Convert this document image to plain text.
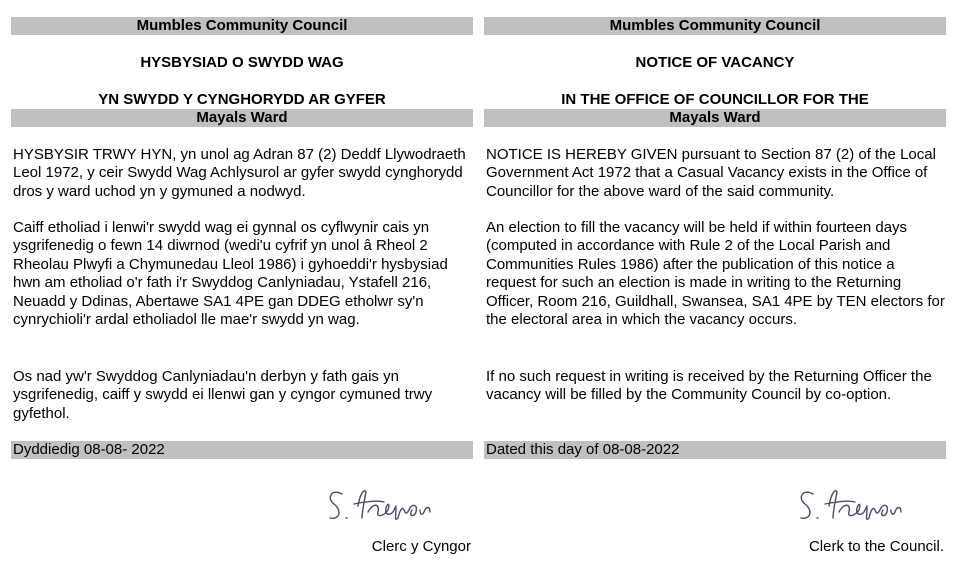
Mumbles Community Council
HYSBYSIAD O SWYDD WAG
YN SWYDD Y CYNGHORYDD AR GYFER
Mayals Ward
HYSBYSIR TRWY HYN, yn unol ag Adran 87 (2) Deddf Llywodraeth Leol 1972, y ceir Swydd Wag Achlysurol ar gyfer swydd cynghorydd dros y ward uchod yn y gymuned a nodwyd.
Caiff etholiad i lenwi'r swydd wag ei gynnal os cyflwynir cais yn ysgrifenedig o fewn 14 diwrnod (wedi'u cyfrif yn unol â Rheol 2 Rheolau Plwyfi a Chymunedau Lleol 1986) i gyhoeddi'r hysbysiad hwn am etholiad o'r fath i'r Swyddog Canlyniadau, Ystafell 216, Neuadd y Ddinas, Abertawe SA1 4PE gan DDEG etholwr sy'n cynrychioli'r ardal etholiadol lle mae'r swydd yn wag.
Os nad yw'r Swyddog Canlyniadau'n derbyn y fath gais yn ysgrifenedig, caiff y swydd ei llenwi gan y cyngor cymuned trwy gyfethol.
Dyddiedig 08-08- 2022
Clerc y Cyngor
Mumbles Community Council
NOTICE OF VACANCY
IN THE OFFICE OF COUNCILLOR FOR THE
Mayals Ward
NOTICE IS HEREBY GIVEN pursuant to Section 87 (2) of the Local Government Act 1972 that a Casual Vacancy exists in the Office of Councillor for the above ward of the said community.
An election to fill the vacancy will be held if within fourteen days (computed in accordance with Rule 2 of the Local Parish and Communities Rules 1986) after the publication of this notice a request for such an election is made in writing to the Returning Officer, Room 216, Guildhall, Swansea, SA1 4PE by TEN electors for the electoral area in which the vacancy occurs.
If no such request in writing is received by the Returning Officer the vacancy will be filled by the Community Council by co-option.
Dated this day of 08-08-2022
Clerk to the Council.
